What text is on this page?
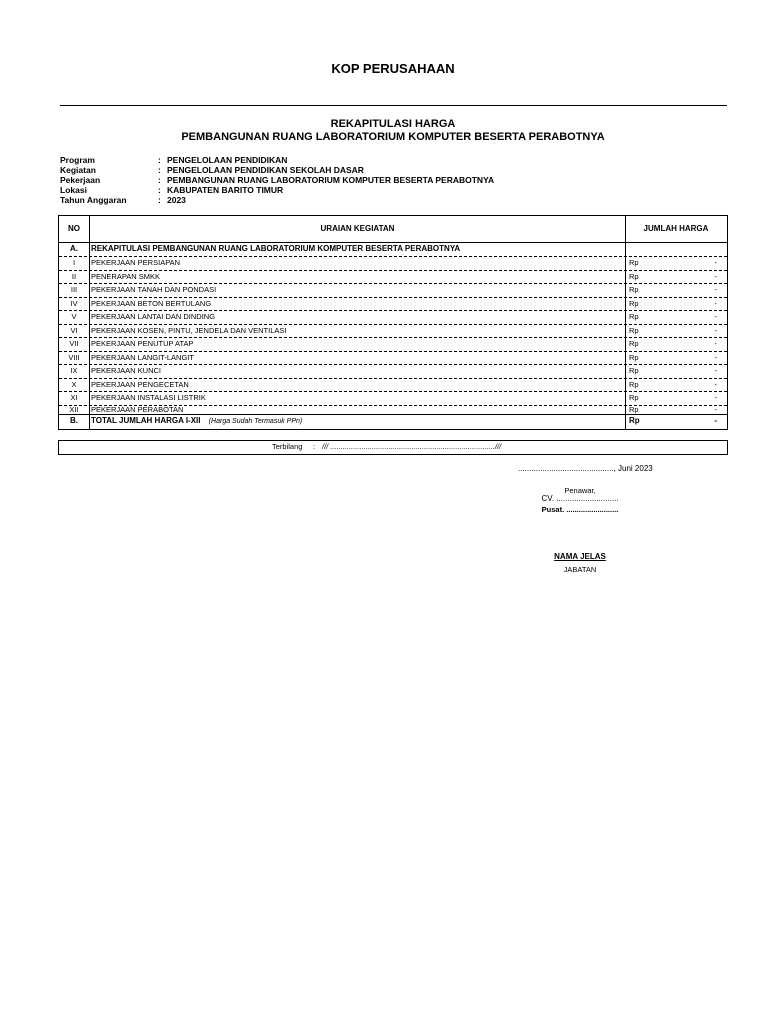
KOP PERUSAHAAN
REKAPITULASI HARGA
PEMBANGUNAN RUANG LABORATORIUM KOMPUTER BESERTA PERABOTNYA
Program	: PENGELOLAAN PENDIDIKAN
Kegiatan	: PENGELOLAAN PENDIDIKAN SEKOLAH DASAR
Pekerjaan	: PEMBANGUNAN RUANG LABORATORIUM KOMPUTER BESERTA PERABOTNYA
Lokasi	: KABUPATEN BARITO TIMUR
Tahun Anggaran	: 2023
NO	URAIAN KEGIATAN	JUMLAH HARGA
A.	REKAPITULASI PEMBANGUNAN RUANG LABORATORIUM KOMPUTER BESERTA PERABOTNYA
I	PEKERJAAN PERSIAPAN	Rp	-
II	PENERAPAN SMKK	Rp	-
III	PEKERJAAN TANAH DAN PONDASI	Rp	-
IV	PEKERJAAN BETON BERTULANG	Rp	-
V	PEKERJAAN LANTAI DAN DINDING	Rp	-
VI	PEKERJAAN KOSEN, PINTU, JENDELA DAN VENTILASI	Rp	-
VII	PEKERJAAN PENUTUP ATAP	Rp	-
VIII	PEKERJAAN LANGIT-LANGIT	Rp	-
IX	PEKERJAAN KUNCI	Rp	-
X	PEKERJAAN PENGECETAN	Rp	-
XI	PEKERJAAN INSTALASI LISTRIK	Rp	-
XII	PEKERJAAN PERABOTAN	Rp	-
B.	TOTAL JUMLAH HARGA I-XII (Harga Sudah Termasuk PPn)	Rp	-
Terbilang : /// ...............................................................................///
..........................................., Juni 2023
Penawar,
CV. ............................
Pusat. .........................
NAMA JELAS
JABATAN
